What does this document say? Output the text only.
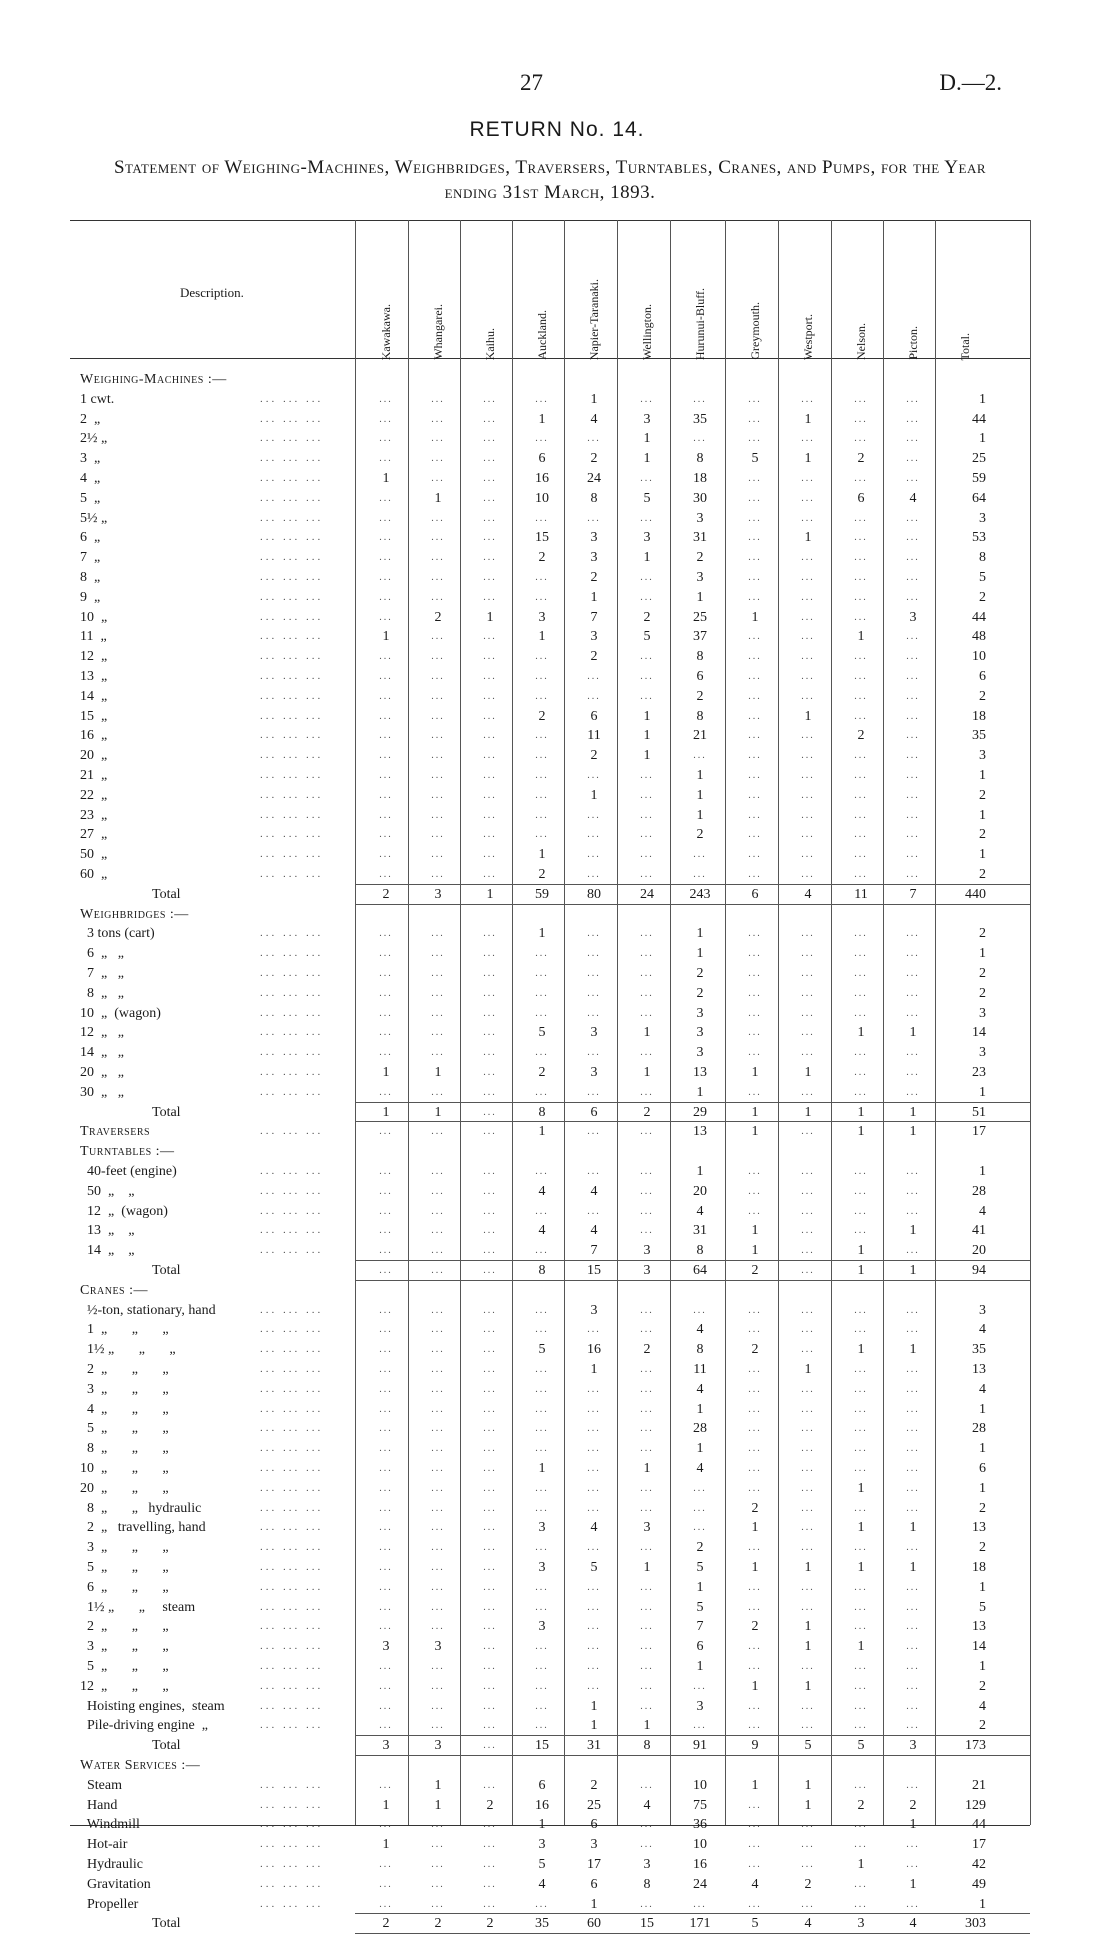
27	D.—2.
RETURN No. 14.
Statement of Weighing-Machines, Weighbridges, Traversers, Turntables, Cranes, and Pumps, for the Year ending 31st March, 1893.
Description.
Kawakawa.	Whangarei.	Kaihu.	Auckland.	Napier-Taranaki.	Wellington.	Hurunui-Bluff.	Greymouth.	Westport.	Nelson.	Picton.	Total.
Weighing-Machines :—
1 cwt.	... ... ...	...	...	...	...	1	...	...	...	...	...	...	1
2  „	... ... ...	...	...	...	1	4	3	35	...	1	...	...	44
2½ „	... ... ...	...	...	...	...	...	1	...	...	...	...	...	1
3  „	... ... ...	...	...	...	6	2	1	8	5	1	2	...	25
4  „	... ... ...	1	...	...	16	24	...	18	...	...	...	...	59
5  „	... ... ...	...	1	...	10	8	5	30	...	...	6	4	64
5½ „	... ... ...	...	...	...	...	...	...	3	...	...	...	...	3
6  „	... ... ...	...	...	...	15	3	3	31	...	1	...	...	53
7  „	... ... ...	...	...	...	2	3	1	2	...	...	...	...	8
8  „	... ... ...	...	...	...	...	2	...	3	...	...	...	...	5
9  „	... ... ...	...	...	...	...	1	...	1	...	...	...	...	2
10  „	... ... ...	...	2	1	3	7	2	25	1	...	...	3	44
11  „	... ... ...	1	...	...	1	3	5	37	...	...	1	...	48
12  „	... ... ...	...	...	...	...	2	...	8	...	...	...	...	10
13  „	... ... ...	...	...	...	...	...	...	6	...	...	...	...	6
14  „	... ... ...	...	...	...	...	...	...	2	...	...	...	...	2
15  „	... ... ...	...	...	...	2	6	1	8	...	1	...	...	18
16  „	... ... ...	...	...	...	...	11	1	21	...	...	2	...	35
20  „	... ... ...	...	...	...	...	2	1	...	...	...	...	...	3
21  „	... ... ...	...	...	...	...	...	...	1	...	...	...	...	1
22  „	... ... ...	...	...	...	...	1	...	1	...	...	...	...	2
23  „	... ... ...	...	...	...	...	...	...	1	...	...	...	...	1
27  „	... ... ...	...	...	...	...	...	...	2	...	...	...	...	2
50  „	... ... ...	...	...	...	1	...	...	...	...	...	...	...	1
60  „	... ... ...	...	...	...	2	...	...	...	...	...	...	...	2
Total	2	3	1	59	80	24	243	6	4	11	7	440
Weighbridges :—
3 tons (cart)	... ... ...	...	...	...	1	...	...	1	...	...	...	...	2
6  „   „	... ... ...	...	...	...	...	...	...	1	...	...	...	...	1
7  „   „	... ... ...	...	...	...	...	...	...	2	...	...	...	...	2
8  „   „	... ... ...	...	...	...	...	...	...	2	...	...	...	...	2
10  „  (wagon)	... ... ...	...	...	...	...	...	...	3	...	...	...	...	3
12  „   „	... ... ...	...	...	...	5	3	1	3	...	...	1	1	14
14  „   „	... ... ...	...	...	...	...	...	...	3	...	...	...	...	3
20  „   „	... ... ...	1	1	...	2	3	1	13	1	1	...	...	23
30  „   „	... ... ...	...	...	...	...	...	...	1	...	...	...	...	1
Total	1	1	...	8	6	2	29	1	1	1	1	51
Traversers	... ... ...	...	...	...	1	...	...	13	1	...	1	1	17
Turntables :—
40-feet (engine)	... ... ...	...	...	...	...	...	...	1	...	...	...	...	1
50  „    „	... ... ...	...	...	...	4	4	...	20	...	...	...	...	28
12  „  (wagon)	... ... ...	...	...	...	...	...	...	4	...	...	...	...	4
13  „    „	... ... ...	...	...	...	4	4	...	31	1	...	...	1	41
14  „    „	... ... ...	...	...	...	...	7	3	8	1	...	1	...	20
Total	...	...	...	8	15	3	64	2	...	1	1	94
Cranes :—
½-ton, stationary, hand	... ... ...	...	...	...	...	3	...	...	...	...	...	...	3
1  „       „       „	... ... ...	...	...	...	...	...	...	4	...	...	...	...	4
1½ „       „       „	... ... ...	...	...	...	5	16	2	8	2	...	1	1	35
2  „       „       „	... ... ...	...	...	...	...	1	...	11	...	1	...	...	13
3  „       „       „	... ... ...	...	...	...	...	...	...	4	...	...	...	...	4
4  „       „       „	... ... ...	...	...	...	...	...	...	1	...	...	...	...	1
5  „       „       „	... ... ...	...	...	...	...	...	...	28	...	...	...	...	28
8  „       „       „	... ... ...	...	...	...	...	...	...	1	...	...	...	...	1
10  „       „       „	... ... ...	...	...	...	1	...	1	4	...	...	...	...	6
20  „       „       „	... ... ...	...	...	...	...	...	...	...	...	...	1	...	1
8  „       „   hydraulic	... ... ...	...	...	...	...	...	...	...	2	...	...	...	2
2  „   travelling, hand	... ... ...	...	...	...	3	4	3	...	1	...	1	1	13
3  „       „       „	... ... ...	...	...	...	...	...	...	2	...	...	...	...	2
5  „       „       „	... ... ...	...	...	...	3	5	1	5	1	1	1	1	18
6  „       „       „	... ... ...	...	...	...	...	...	...	1	...	...	...	...	1
1½ „       „     steam	... ... ...	...	...	...	...	...	...	5	...	...	...	...	5
2  „       „       „	... ... ...	...	...	...	3	...	...	7	2	1	...	...	13
3  „       „       „	... ... ...	3	3	...	...	...	...	6	...	1	1	...	14
5  „       „       „	... ... ...	...	...	...	...	...	...	1	...	...	...	...	1
12  „       „       „	... ... ...	...	...	...	...	...	...	...	1	1	...	...	2
Hoisting engines,  steam	... ... ...	...	...	...	...	1	...	3	...	...	...	...	4
Pile-driving engine  „	... ... ...	...	...	...	...	1	1	...	...	...	...	...	2
Total	3	3	...	15	31	8	91	9	5	5	3	173
Water Services :—
Steam	... ... ...	...	1	...	6	2	...	10	1	1	...	...	21
Hand	... ... ...	1	1	2	16	25	4	75	...	1	2	2	129
Windmill	... ... ...	...	...	...	1	6	...	36	...	...	...	1	44
Hot-air	... ... ...	1	...	...	3	3	...	10	...	...	...	...	17
Hydraulic	... ... ...	...	...	...	5	17	3	16	...	...	1	...	42
Gravitation	... ... ...	...	...	...	4	6	8	24	4	2	...	1	49
Propeller	... ... ...	...	...	...	...	1	...	...	...	...	...	...	1
Total	2	2	2	35	60	15	171	5	4	3	4	303
